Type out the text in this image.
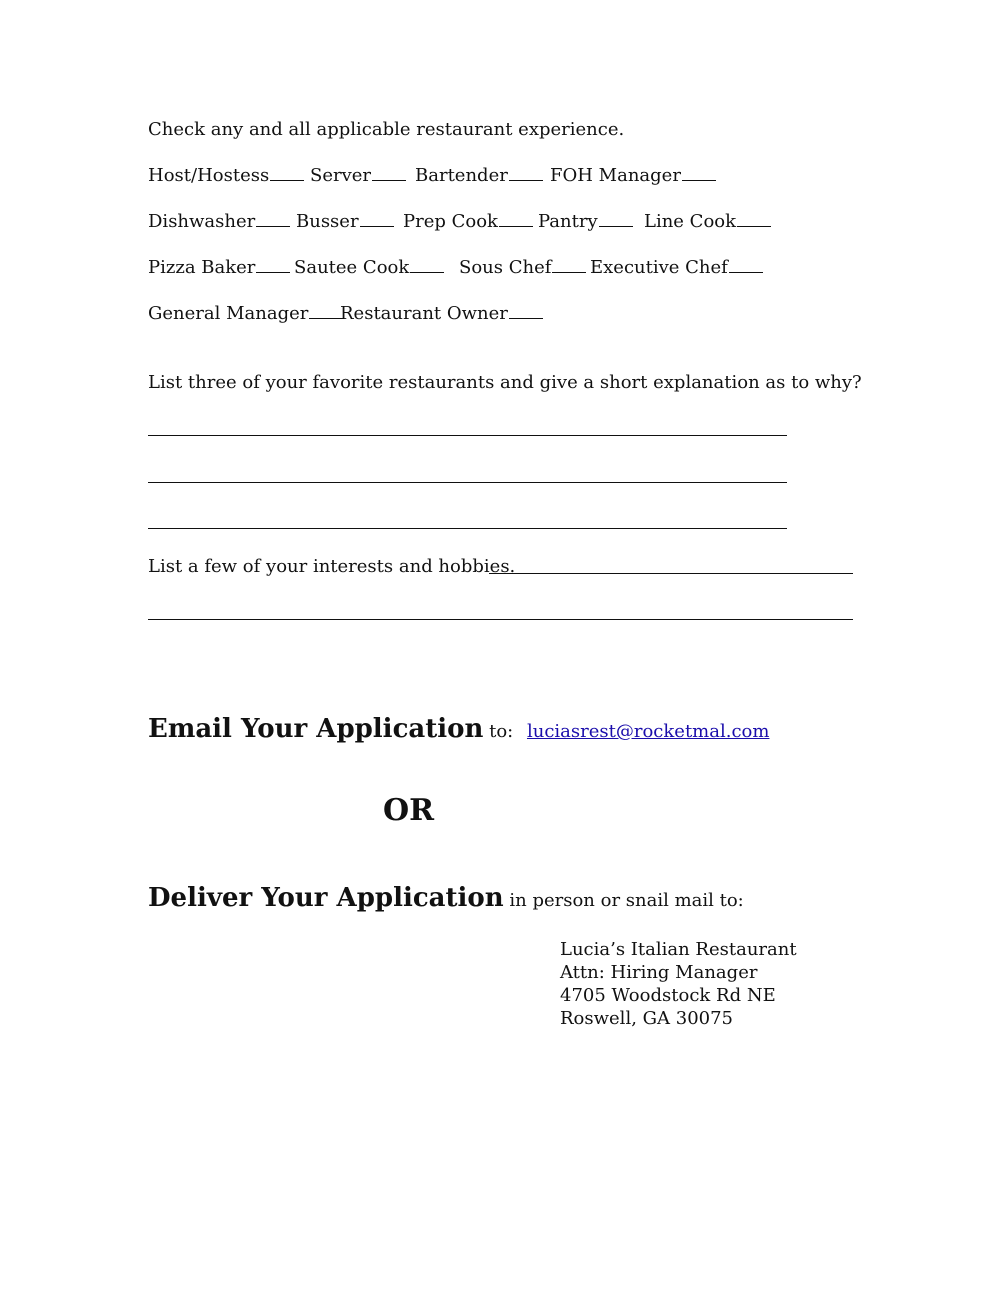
Check any and all applicable restaurant experience.
Host/Hostess	Server	Bartender	FOH Manager
Dishwasher	Busser	Prep Cook	Pantry	Line Cook
Pizza Baker	Sautee Cook	Sous Chef	Executive Chef
General Manager	Restaurant Owner
List three of your favorite restaurants and give a short explanation as to why?
List a few of your interests and hobbies.
Email Your Application to: luciasrest@rocketmal.com
OR
Deliver Your Application in person or snail mail to:
Lucia’s Italian Restaurant
Attn: Hiring Manager
4705 Woodstock Rd NE
Roswell, GA 30075
